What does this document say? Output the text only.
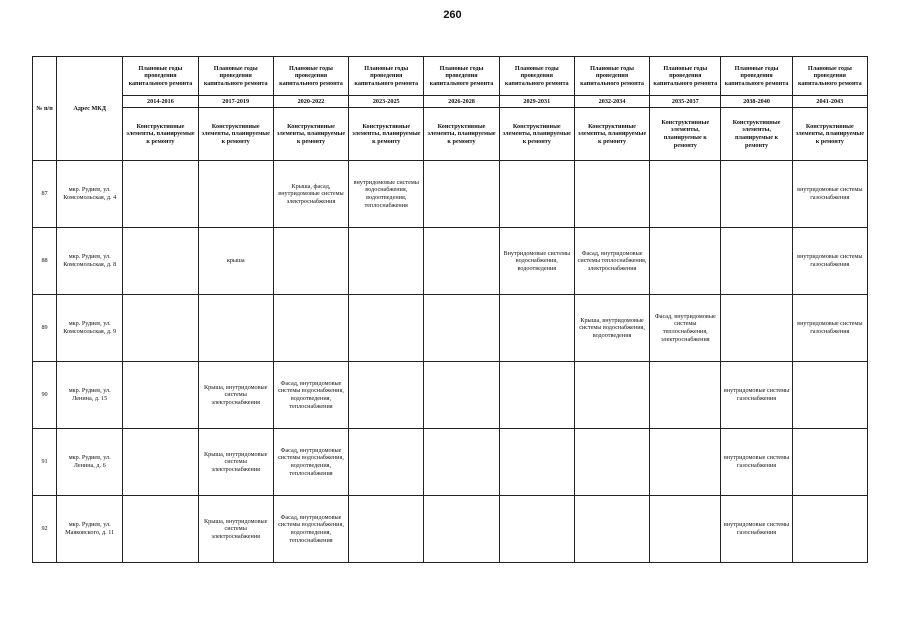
260
№ п/п	Адрес МКД	Плановые годы проведения капитального ремонта	Плановые годы проведения капитального ремонта	Плановые годы проведения капитального ремонта	Плановые годы проведения капитального ремонта	Плановые годы проведения капитального ремонта	Плановые годы проведения капитального ремонта	Плановые годы проведения капитального ремонта	Плановые годы проведения капитального ремонта	Плановые годы проведения капитального ремонта	Плановые годы проведения капитального ремонта
		2014-2016	2017-2019	2020-2022	2023-2025	2026-2028	2029-2031	2032-2034	2035-2037	2038-2040	2041-2043
		Конструктивные элементы, планируемые к ремонту	Конструктивные элементы, планируемые к ремонту	Конструктивные элементы, планируемые к ремонту	Конструктивные элементы, планируемые к ремонту	Конструктивные элементы, планируемые к ремонту	Конструктивные элементы, планируемые к ремонту	Конструктивные элементы, планируемые к ремонту	Конструктивные элементы, планируемые к ремонту	Конструктивные элементы, планируемые к ремонту	Конструктивные элементы, планируемые к ремонту
87	мкр. Рудиев, ул. Комсомольская, д. 4			Крыша, фасад, внутридомовые системы электроснабжения	внутридомовые системы водоснабжения, водоотведения, теплоснабжения						внутридомовые системы газоснабжения
88	мкр. Рудиев, ул. Комсомольская, д. 8		крыша				Внутридомовые системы водоснабжения, водоотведения	Фасад, внутридомовые системы теплоснабжения, электроснабжения			внутридомовые системы газоснабжения
89	мкр. Рудиев, ул. Комсомольская, д. 9							Крыша, внутридомовые системы водоснабжения, водоотведения	Фасад, внутридомовые системы теплоснабжения, электроснабжения		внутридомовые системы газоснабжения
90	мкр. Рудиев, ул. Ленина, д. 15		Крыша, внутридомовые системы электроснабжения	Фасад, внутридомовые системы водоснабжения, водоотведения, теплоснабжения						внутридомовые системы газоснабжения	
91	мкр. Рудиев, ул. Ленина, д. 6		Крыша, внутридомовые системы электроснабжения	Фасад, внутридомовые системы водоснабжения, водоотведения, теплоснабжения						внутридомовые системы газоснабжения	
92	мкр. Рудиев, ул. Маяковского, д. 11		Крыша, внутридомовые системы электроснабжения	Фасад, внутридомовые системы водоснабжения, водоотведения, теплоснабжения						внутридомовые системы газоснабжения	
